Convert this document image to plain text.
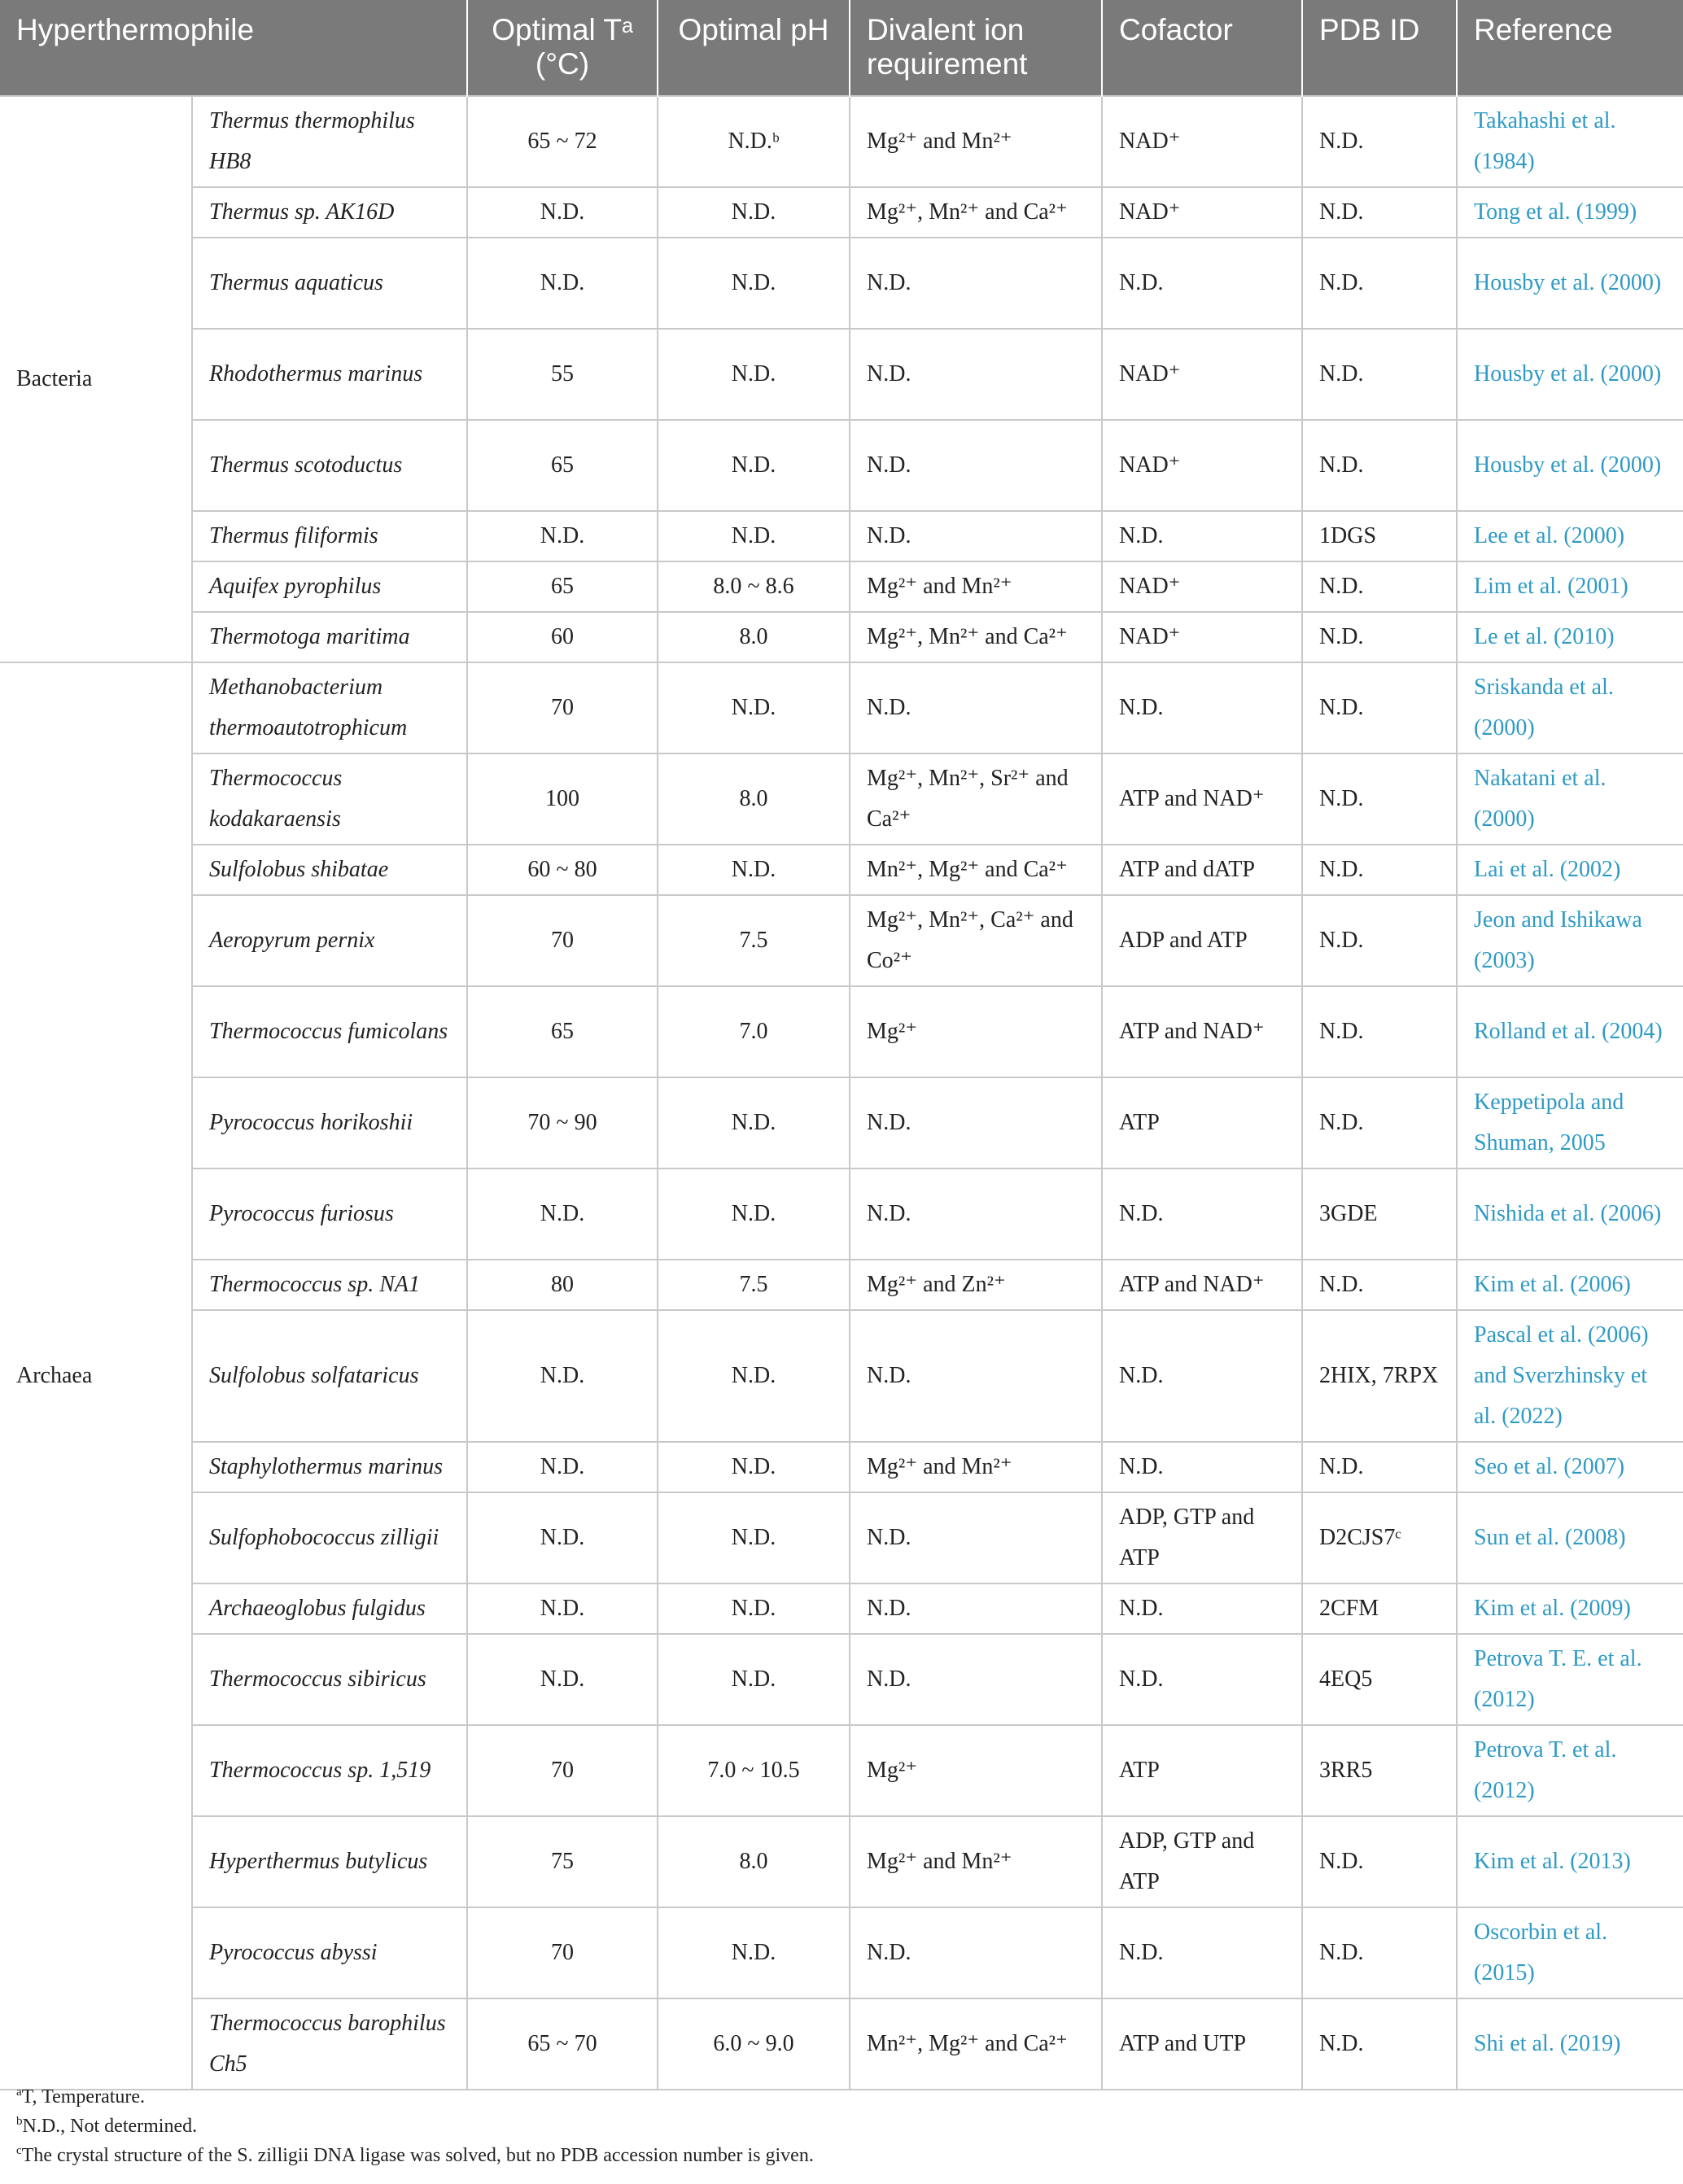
Hyperthermophile		Optimal Tᵃ (°C)	Optimal pH	Divalent ion requirement	Cofactor	PDB ID	Reference
Bacteria	Thermus thermophilus HB8	65 ~ 72	N.D.ᵇ	Mg²⁺ and Mn²⁺	NAD⁺	N.D.	Takahashi et al. (1984)
	Thermus sp. AK16D	N.D.	N.D.	Mg²⁺, Mn²⁺ and Ca²⁺	NAD⁺	N.D.	Tong et al. (1999)
	Thermus aquaticus	N.D.	N.D.	N.D.	N.D.	N.D.	Housby et al. (2000)
	Rhodothermus marinus	55	N.D.	N.D.	NAD⁺	N.D.	Housby et al. (2000)
	Thermus scotoductus	65	N.D.	N.D.	NAD⁺	N.D.	Housby et al. (2000)
	Thermus filiformis	N.D.	N.D.	N.D.	N.D.	1DGS	Lee et al. (2000)
	Aquifex pyrophilus	65	8.0 ~ 8.6	Mg²⁺ and Mn²⁺	NAD⁺	N.D.	Lim et al. (2001)
	Thermotoga maritima	60	8.0	Mg²⁺, Mn²⁺ and Ca²⁺	NAD⁺	N.D.	Le et al. (2010)
Archaea	Methanobacterium thermoautotrophicum	70	N.D.	N.D.	N.D.	N.D.	Sriskanda et al. (2000)
	Thermococcus kodakaraensis	100	8.0	Mg²⁺, Mn²⁺, Sr²⁺ and Ca²⁺	ATP and NAD⁺	N.D.	Nakatani et al. (2000)
	Sulfolobus shibatae	60 ~ 80	N.D.	Mn²⁺, Mg²⁺ and Ca²⁺	ATP and dATP	N.D.	Lai et al. (2002)
	Aeropyrum pernix	70	7.5	Mg²⁺, Mn²⁺, Ca²⁺ and Co²⁺	ADP and ATP	N.D.	Jeon and Ishikawa (2003)
	Thermococcus fumicolans	65	7.0	Mg²⁺	ATP and NAD⁺	N.D.	Rolland et al. (2004)
	Pyrococcus horikoshii	70 ~ 90	N.D.	N.D.	ATP	N.D.	Keppetipola and Shuman, 2005
	Pyrococcus furiosus	N.D.	N.D.	N.D.	N.D.	3GDE	Nishida et al. (2006)
	Thermococcus sp. NA1	80	7.5	Mg²⁺ and Zn²⁺	ATP and NAD⁺	N.D.	Kim et al. (2006)
	Sulfolobus solfataricus	N.D.	N.D.	N.D.	N.D.	2HIX, 7RPX	Pascal et al. (2006) and Sverzhinsky et al. (2022)
	Staphylothermus marinus	N.D.	N.D.	Mg²⁺ and Mn²⁺	N.D.	N.D.	Seo et al. (2007)
	Sulfophobococcus zilligii	N.D.	N.D.	N.D.	ADP, GTP and ATP	D2CJS7ᶜ	Sun et al. (2008)
	Archaeoglobus fulgidus	N.D.	N.D.	N.D.	N.D.	2CFM	Kim et al. (2009)
	Thermococcus sibiricus	N.D.	N.D.	N.D.	N.D.	4EQ5	Petrova T. E. et al. (2012)
	Thermococcus sp. 1,519	70	7.0 ~ 10.5	Mg²⁺	ATP	3RR5	Petrova T. et al. (2012)
	Hyperthermus butylicus	75	8.0	Mg²⁺ and Mn²⁺	ADP, GTP and ATP	N.D.	Kim et al. (2013)
	Pyrococcus abyssi	70	N.D.	N.D.	N.D.	N.D.	Oscorbin et al. (2015)
	Thermococcus barophilus Ch5	65 ~ 70	6.0 ~ 9.0	Mn²⁺, Mg²⁺ and Ca²⁺	ATP and UTP	N.D.	Shi et al. (2019)
$^a$T, Temperature.
$^b$N.D., Not determined.
$^c$The crystal structure of the S. zilligii DNA ligase was solved, but no PDB accession number is given.
